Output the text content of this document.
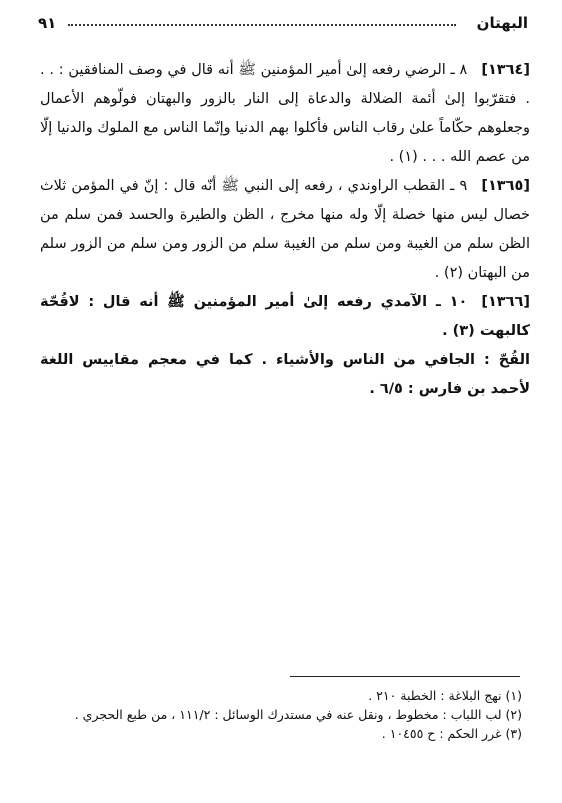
البهتان
٩١

[١٣٦٤]٨ ـ الرضي رفعه إلىٰ أمير المؤمنين ﷺ أنه قال في وصف المنافقين : . . . فتقرّبوا إلىٰ أئمة الضلالة والدعاة إلى النار بالزور والبهتان فولّوهم الأعمال وجعلوهم حكّاماً علىٰ رقاب الناس فأكلوا بهم الدنيا وإنّما الناس مع الملوك والدنيا إلّا من عصم الله . . . (١) .

[١٣٦٥]٩ ـ القطب الراوندي ، رفعه إلى النبي ﷺ أنّه قال : إنّ في المؤمن ثلاث خصال ليس منها خصلة إلّا وله منها مخرج ، الظن والطيرة والحسد فمن سلم من الظن سلم من الغيبة ومن سلم من الغيبة سلم من الزور ومن سلم من الزور سلم من البهتان (٢) .

[١٣٦٦]١٠ ـ الآمدي رفعه إلىٰ أمير المؤمنين ﷺ أنه قال : لاقُحّة كالبهت (٣) .

القُحّ : الجافي من الناس والأشياء . كما في معجم مقاييس اللغة لأحمد بن فارس : ٦/٥ .

(١) نهج البلاغة : الخطبة ٢١٠ .

(٢) لب اللباب : مخطوط ، ونقل عنه في مستدرك الوسائل : ١١١/٢ ، من طبع الحجري .

(٣) غرر الحكم : ح ١٠٤٥٥ .
